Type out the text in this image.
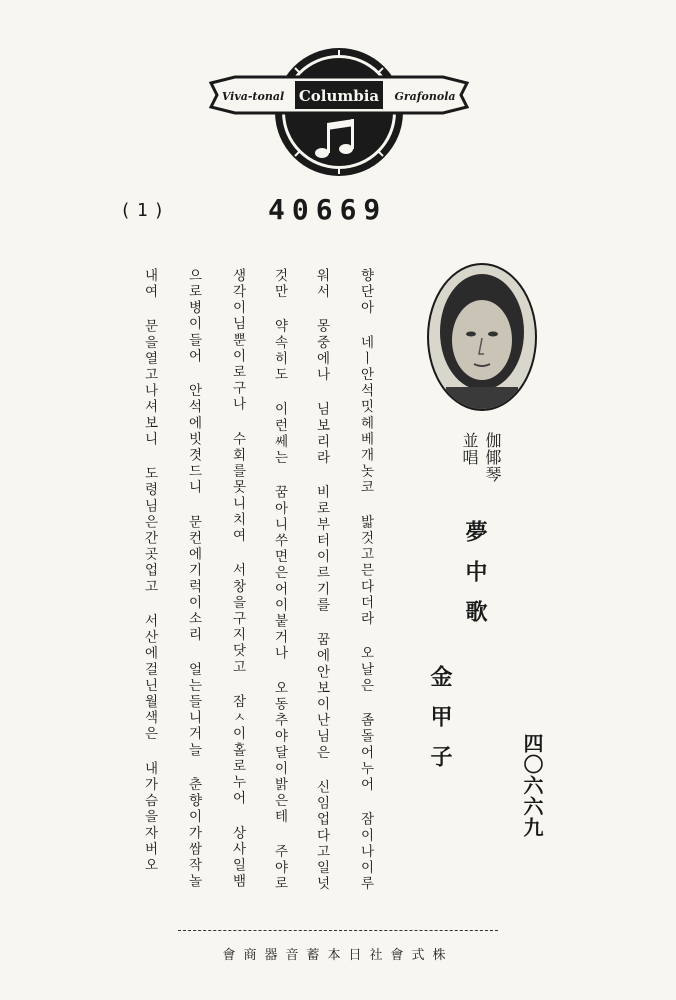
Columbia
Viva-tonal	Grafonola
(1)	40669
伽倻琴
並唱
夢中歌
金甲子
四〇六六九
향단아 네ㅣ안석밋헤베개놋코 밟것고믄다더라 오날은 좀돌어누어 잠이나이루
워서 몽중에나 님보리라 비로부터이르기를 꿈에안보이난님은 신임업다고일넛
것만 약속히도 이런쎄는 꿈아니쑤면은어이붙거나 오동추야달이밝은테 주야로
생각이님뿐이로구나 수회를못니치여 서창을구지닷고 잠ㅅ이홀로누어 상사일뱀
으로병이들어 안석에빗겻드니 문컨에기럭이소리 얼는들니거늘 춘향이가쌈작놀
내여 문을열고나셔보니 도령님은간곳업고 서산에걸닌월색은 내가슴을자버오
株式會社日本蓄音器商會
